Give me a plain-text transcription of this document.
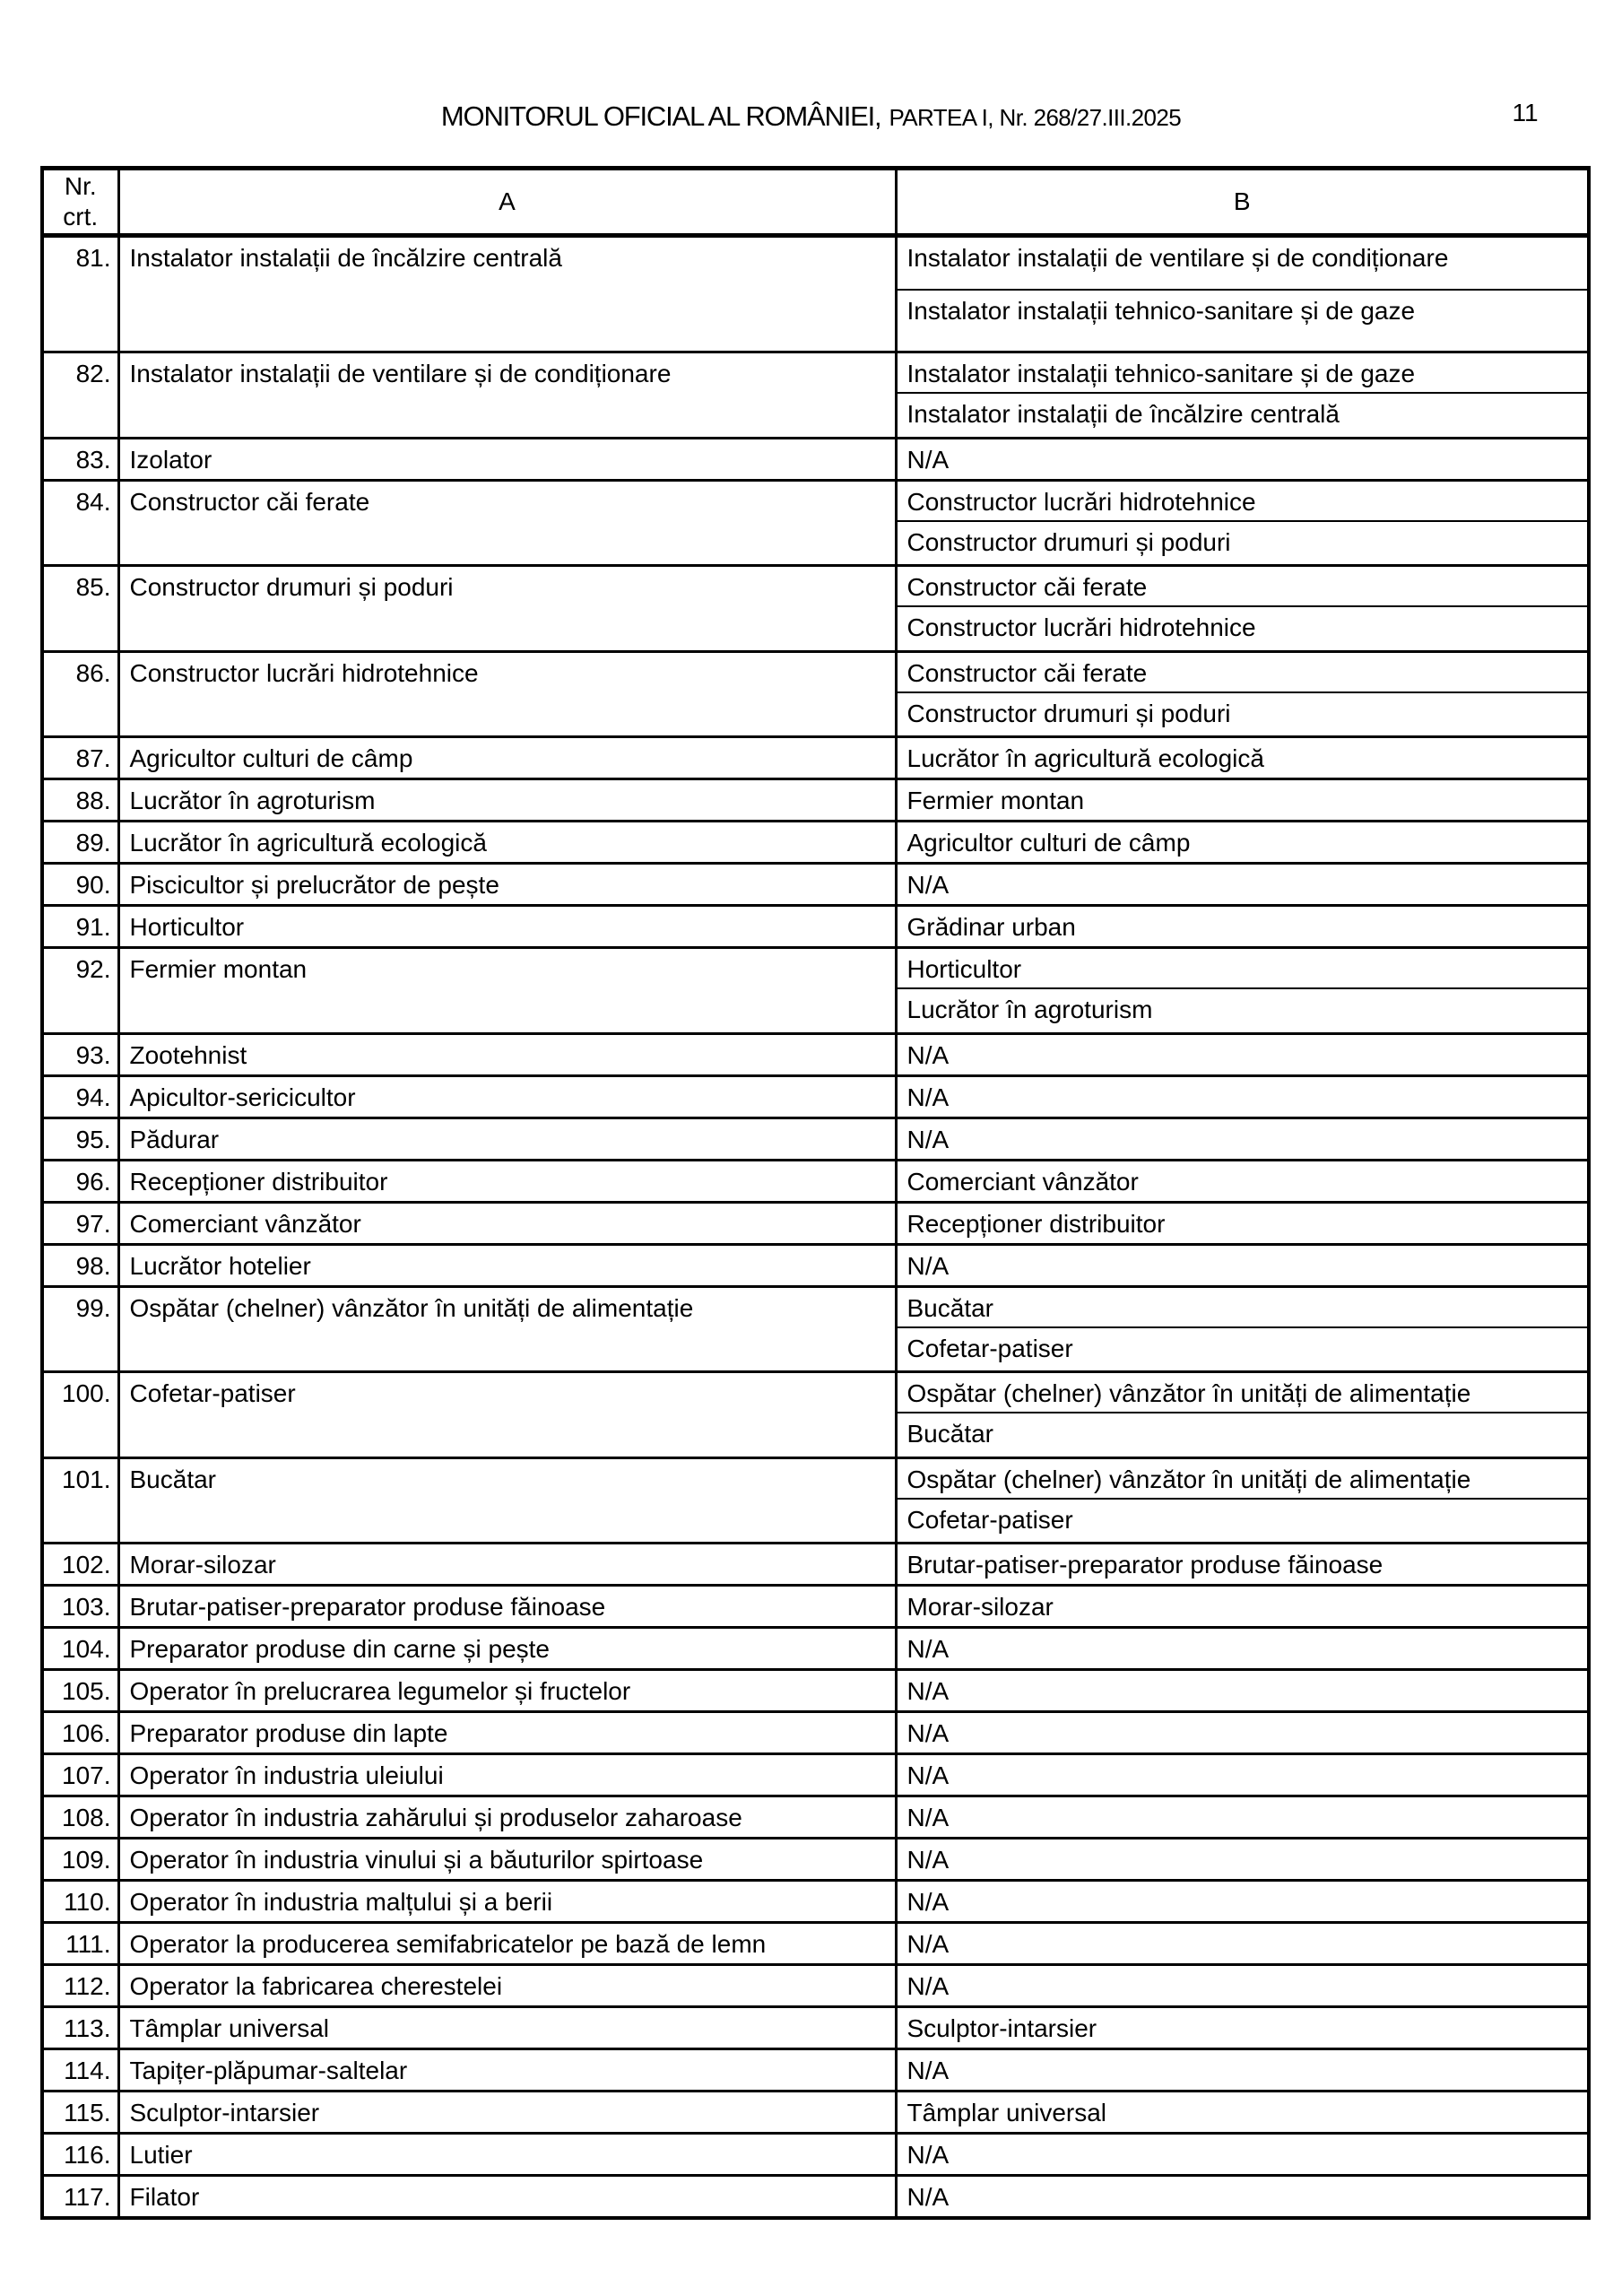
MONITORUL OFICIAL AL ROMÂNIEI, PARTEA I, Nr. 268/27.III.2025	11
Nr.
crt.	A	B
81.	Instalator instalații de încălzire centrală	Instalator instalații de ventilare și de condiționare
		Instalator instalații tehnico-sanitare și de gaze
82.	Instalator instalații de ventilare și de condiționare	Instalator instalații tehnico-sanitare și de gaze
		Instalator instalații de încălzire centrală
83.	Izolator	N/A
84.	Constructor căi ferate	Constructor lucrări hidrotehnice
		Constructor drumuri și poduri
85.	Constructor drumuri și poduri	Constructor căi ferate
		Constructor lucrări hidrotehnice
86.	Constructor lucrări hidrotehnice	Constructor căi ferate
		Constructor drumuri și poduri
87.	Agricultor culturi de câmp	Lucrător în agricultură ecologică
88.	Lucrător în agroturism	Fermier montan
89.	Lucrător în agricultură ecologică	Agricultor culturi de câmp
90.	Piscicultor și prelucrător de pește	N/A
91.	Horticultor	Grădinar urban
92.	Fermier montan	Horticultor
		Lucrător în agroturism
93.	Zootehnist	N/A
94.	Apicultor-sericicultor	N/A
95.	Pădurar	N/A
96.	Recepționer distribuitor	Comerciant vânzător
97.	Comerciant vânzător	Recepționer distribuitor
98.	Lucrător hotelier	N/A
99.	Ospătar (chelner) vânzător în unități de alimentație	Bucătar
		Cofetar-patiser
100.	Cofetar-patiser	Ospătar (chelner) vânzător în unități de alimentație
		Bucătar
101.	Bucătar	Ospătar (chelner) vânzător în unități de alimentație
		Cofetar-patiser
102.	Morar-silozar	Brutar-patiser-preparator produse făinoase
103.	Brutar-patiser-preparator produse făinoase	Morar-silozar
104.	Preparator produse din carne și pește	N/A
105.	Operator în prelucrarea legumelor și fructelor	N/A
106.	Preparator produse din lapte	N/A
107.	Operator în industria uleiului	N/A
108.	Operator în industria zahărului și produselor zaharoase	N/A
109.	Operator în industria vinului și a băuturilor spirtoase	N/A
110.	Operator în industria malțului și a berii	N/A
111.	Operator la producerea semifabricatelor pe bază de lemn	N/A
112.	Operator la fabricarea cherestelei	N/A
113.	Tâmplar universal	Sculptor-intarsier
114.	Tapițer-plăpumar-saltelar	N/A
115.	Sculptor-intarsier	Tâmplar universal
116.	Lutier	N/A
117.	Filator	N/A
